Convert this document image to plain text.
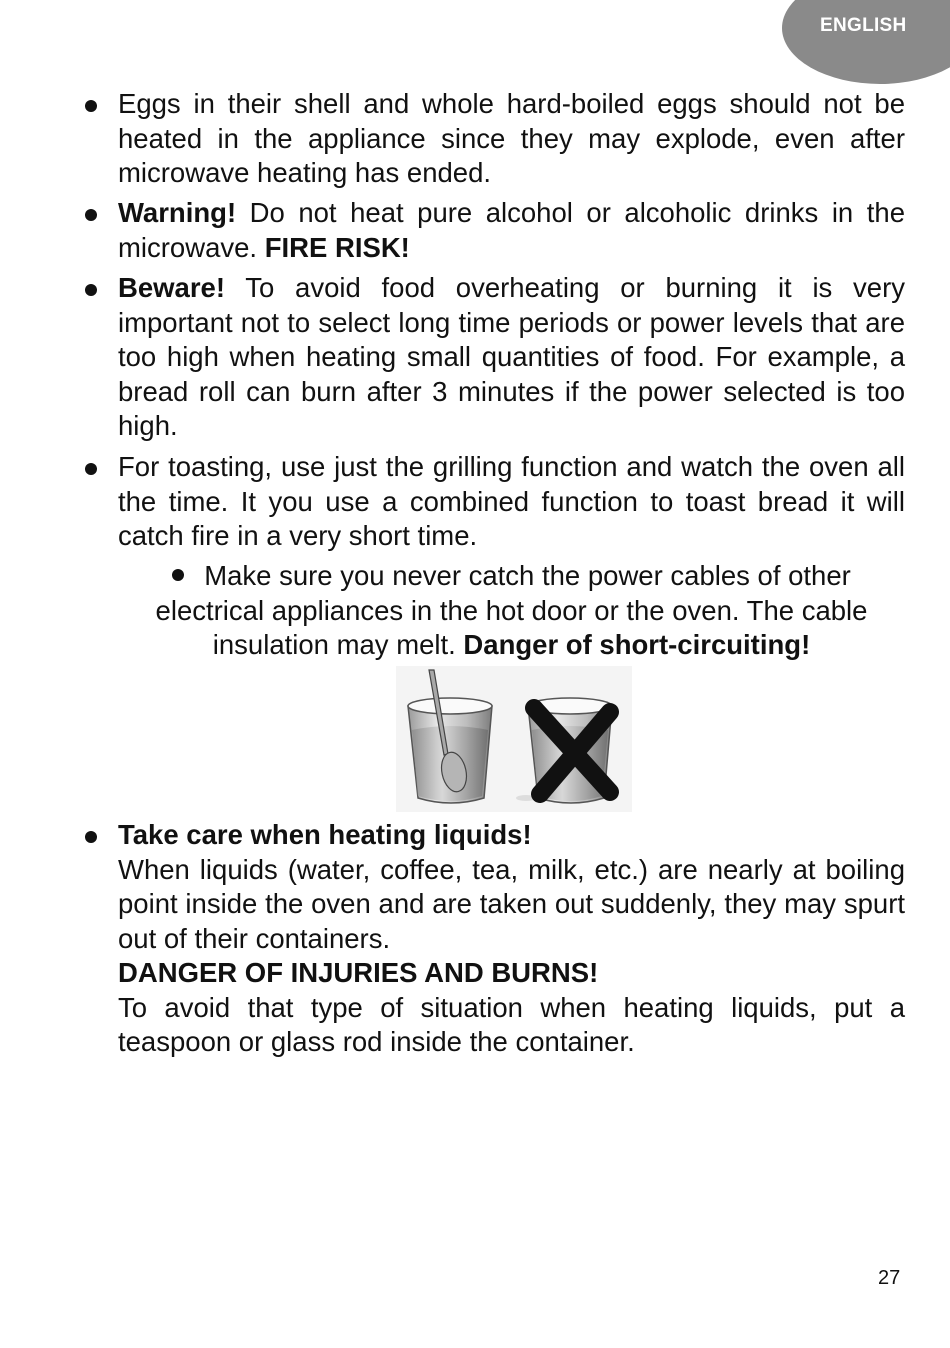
ENGLISH
Eggs in their shell and whole hard-boiled eggs should not be heated in the appliance since they may explode, even after microwave heating has ended.
Warning! Do not heat pure alcohol or alcoholic drinks in the microwave. FIRE RISK!
Beware! To avoid food overheating or burning it is very important not to select long time periods or power levels that are too high when heating small quantities of food. For example, a bread roll can burn after 3 minutes if the power selected is too high.
For toasting, use just the grilling function and watch the oven all the time. It you use a combined function to toast bread it will catch fire in a very short time.
Take care when heating liquids!
When liquids (water, coffee, tea, milk, etc.) are nearly at boiling point inside the oven and are taken out suddenly, they may spurt out of their containers.
DANGER OF INJURIES AND BURNS!
To avoid that type of situation when heating liquids, put a teaspoon or glass rod inside the container.
Make sure you never catch the power cables of other electrical appliances in the hot door or the oven. The cable insulation may melt. Danger of short-circuiting!
27
